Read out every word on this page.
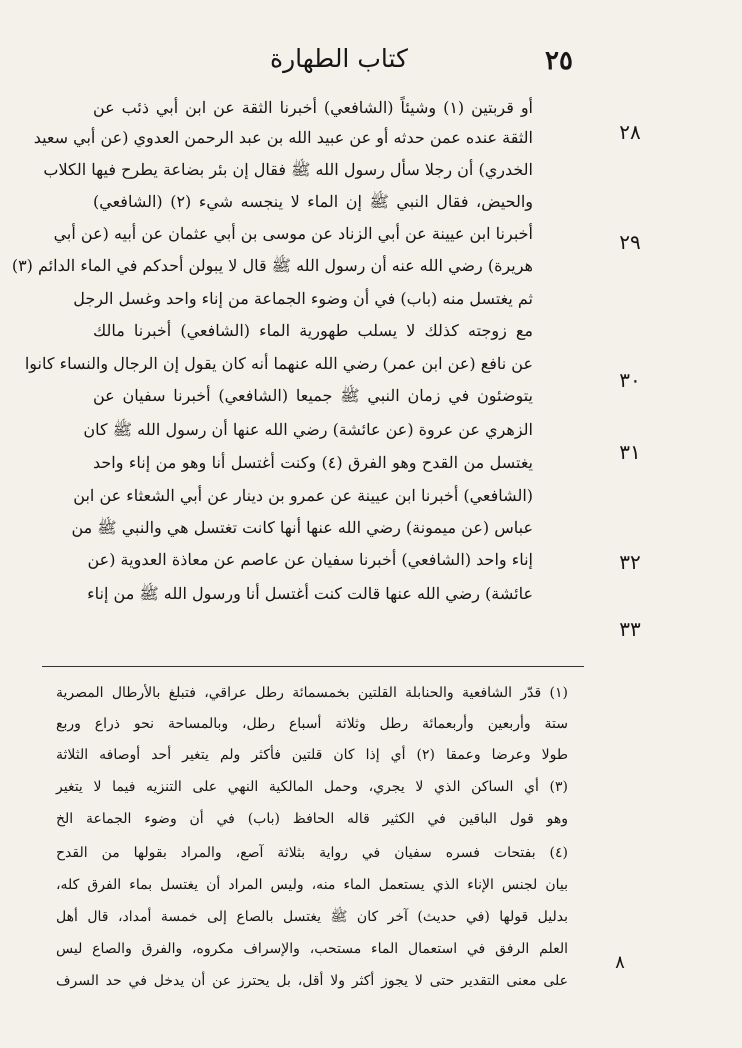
كتاب الطهارة	٢٥
أو قربتين (١) وشيئاً (الشافعي) أخبرنا الثقة عن ابن أبي ذئب عن
الثقة عنده عمن حدثه أو عن عبيد الله بن عبد الرحمن العدوي (عن أبي سعيد
الخدري) أن رجلا سأل رسول الله ﷺ فقال إن بئر بضاعة يطرح فيها الكلاب
والحيض، فقال النبي ﷺ إن الماء لا ينجسه شيء (٢) (الشافعي)
أخبرنا ابن عيينة عن أبي الزناد عن موسى بن أبي عثمان عن أبيه (عن أبي
هريرة) رضي الله عنه أن رسول الله ﷺ قال لا يبولن أحدكم في الماء الدائم (٣)
ثم يغتسل منه (باب) في أن وضوء الجماعة من إناء واحد وغسل الرجل
مع زوجته كذلك لا يسلب طهورية الماء (الشافعي) أخبرنا مالك
عن نافع (عن ابن عمر) رضي الله عنهما أنه كان يقول إن الرجال والنساء كانوا
يتوضئون في زمان النبي ﷺ جميعا (الشافعي) أخبرنا سفيان عن
الزهري عن عروة (عن عائشة) رضي الله عنها أن رسول الله ﷺ كان
يغتسل من القدح وهو الفرق (٤) وكنت أغتسل أنا وهو من إناء واحد
(الشافعي) أخبرنا ابن عيينة عن عمرو بن دينار عن أبي الشعثاء عن ابن
عباس (عن ميمونة) رضي الله عنها أنها كانت تغتسل هي والنبي ﷺ من
إناء واحد (الشافعي) أخبرنا سفيان عن عاصم عن معاذة العدوية (عن
عائشة) رضي الله عنها قالت كنت أغتسل أنا ورسول الله ﷺ من إناء
٢٨
٢٩
٣٠
٣١
٣٢
٣٣
(١) قدّر الشافعية والحنابلة القلتين بخمسمائة رطل عراقي، فتبلغ بالأرطال المصرية
ستة وأربعين وأربعمائة رطل وثلاثة أسباع رطل، وبالمساحة نحو ذراع وربع
طولا وعرضا وعمقا (٢) أي إذا كان قلتين فأكثر ولم يتغير أحد أوصافه الثلاثة
(٣) أي الساكن الذي لا يجري، وحمل المالكية النهي على التنزيه فيما لا يتغير
وهو قول الباقين في الكثير قاله الحافظ (باب) في أن وضوء الجماعة الخ
(٤) بفتحات فسره سفيان في رواية بثلاثة آصع، والمراد بقولها من القدح
بيان لجنس الإناء الذي يستعمل الماء منه، وليس المراد أن يغتسل بماء الفرق كله،
بدليل قولها (في حديث) آخر كان ﷺ يغتسل بالصاع إلى خمسة أمداد، قال أهل
العلم الرفق في استعمال الماء مستحب، والإسراف مكروه، والفرق والصاع ليس
على معنى التقدير حتى لا يجوز أكثر ولا أقل، بل يحترز عن أن يدخل في حد السرف
٨
